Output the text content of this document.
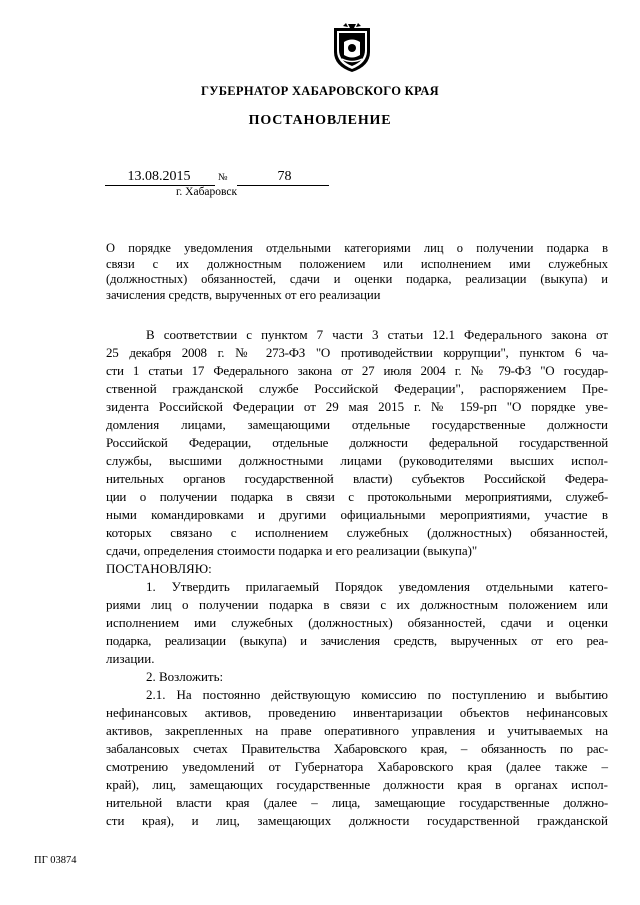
ГУБЕРНАТОР ХАБАРОВСКОГО КРАЯ
ПОСТАНОВЛЕНИЕ
13.08.2015	№	78
г. Хабаровск
О порядке уведомления отдельными категориями лиц о получении подарка в
связи с их должностным положением или исполнением ими служебных
(должностных) обязанностей, сдачи и оценки подарка, реализации (выкупа) и
зачисления средств, вырученных от его реализации
В соответствии с пунктом 7 части 3 статьи 12.1 Федерального закона от
25 декабря 2008 г. № 273-ФЗ "О противодействии коррупции", пунктом 6 ча-
сти 1 статьи 17 Федерального закона от 27 июля 2004 г. № 79-ФЗ "О государ-
ственной гражданской службе Российской Федерации", распоряжением Пре-
зидента Российской Федерации от 29 мая 2015 г. № 159-рп "О порядке уве-
домления лицами, замещающими отдельные государственные должности
Российской Федерации, отдельные должности федеральной государственной
службы, высшими должностными лицами (руководителями высших испол-
нительных органов государственной власти) субъектов Российской Федера-
ции о получении подарка в связи с протокольными мероприятиями, служеб-
ными командировками и другими официальными мероприятиями, участие в
которых связано с исполнением служебных (должностных) обязанностей,
сдачи, определения стоимости подарка и его реализации (выкупа)"
ПОСТАНОВЛЯЮ:
1. Утвердить прилагаемый Порядок уведомления отдельными катего-
риями лиц о получении подарка в связи с их должностным положением или
исполнением ими служебных (должностных) обязанностей, сдачи и оценки
подарка, реализации (выкупа) и зачисления средств, вырученных от его реа-
лизации.
2. Возложить:
2.1. На постоянно действующую комиссию по поступлению и выбытию
нефинансовых активов, проведению инвентаризации объектов нефинансовых
активов, закрепленных на праве оперативного управления и учитываемых на
забалансовых счетах Правительства Хабаровского края, – обязанность по рас-
смотрению уведомлений от Губернатора Хабаровского края (далее также –
край), лиц, замещающих государственные должности края в органах испол-
нительной власти края (далее – лица, замещающие государственные должно-
сти края), и лиц, замещающих должности государственной гражданской
ПГ 03874
